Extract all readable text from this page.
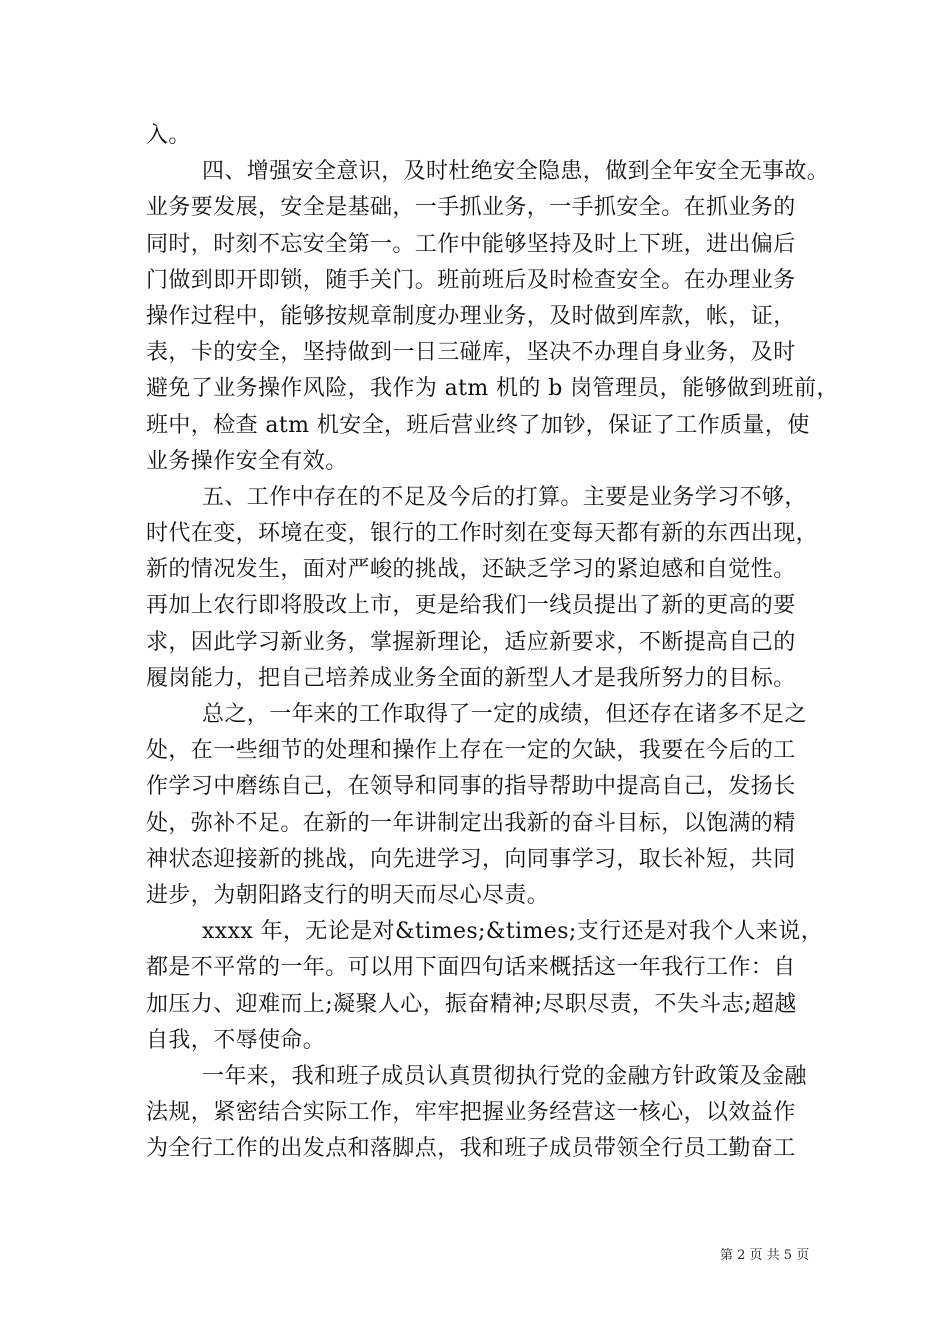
入。
四、增强安全意识，及时杜绝安全隐患，做到全年安全无事故。
业务要发展，安全是基础，一手抓业务，一手抓安全。在抓业务的
同时，时刻不忘安全第一。工作中能够坚持及时上下班，进出偏后
门做到即开即锁，随手关门。班前班后及时检查安全。在办理业务
操作过程中，能够按规章制度办理业务，及时做到库款，帐，证，
表，卡的安全，坚持做到一日三碰库，坚决不办理自身业务，及时
避免了业务操作风险，我作为 atm 机的 b 岗管理员，能够做到班前，
班中，检查 atm 机安全，班后营业终了加钞，保证了工作质量，使
业务操作安全有效。
五、工作中存在的不足及今后的打算。主要是业务学习不够，
时代在变，环境在变，银行的工作时刻在变每天都有新的东西出现，
新的情况发生，面对严峻的挑战，还缺乏学习的紧迫感和自觉性。
再加上农行即将股改上市，更是给我们一线员提出了新的更高的要
求，因此学习新业务，掌握新理论，适应新要求，不断提高自己的
履岗能力，把自己培养成业务全面的新型人才是我所努力的目标。
总之，一年来的工作取得了一定的成绩，但还存在诸多不足之
处，在一些细节的处理和操作上存在一定的欠缺，我要在今后的工
作学习中磨练自己，在领导和同事的指导帮助中提高自己，发扬长
处，弥补不足。在新的一年讲制定出我新的奋斗目标，以饱满的精
神状态迎接新的挑战，向先进学习，向同事学习，取长补短，共同
进步，为朝阳路支行的明天而尽心尽责。
xxxx 年，无论是对&times;&times;支行还是对我个人来说，
都是不平常的一年。可以用下面四句话来概括这一年我行工作：自
加压力、迎难而上;凝聚人心，振奋精神;尽职尽责，不失斗志;超越
自我，不辱使命。
一年来，我和班子成员认真贯彻执行党的金融方针政策及金融
法规，紧密结合实际工作，牢牢把握业务经营这一核心，以效益作
为全行工作的出发点和落脚点，我和班子成员带领全行员工勤奋工
第 2 页 共 5 页
